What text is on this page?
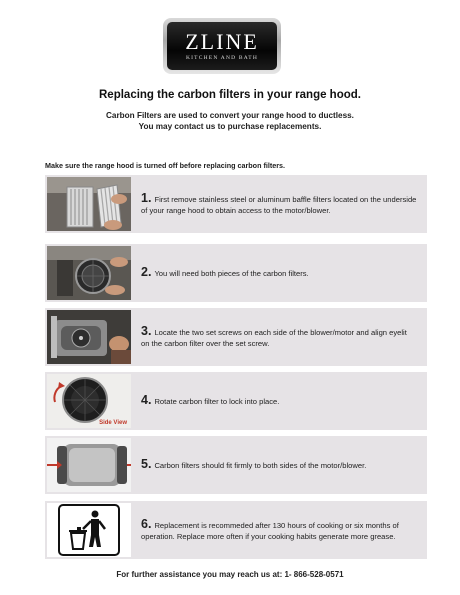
ZLINE
KITCHEN AND BATH
Replacing the carbon filters in your range hood.
Carbon Filters are used to convert your range hood to ductless.
You may contact us to purchase replacements.
Make sure the range hood is turned off before replacing carbon filters.
1. First remove stainless steel or aluminum baffle filters located on the underside of your range hood to obtain access to the motor/blower.
2. You will need both pieces of the carbon filters.
3. Locate the two set screws on each side of the blower/motor and align eyelit on the carbon filter over the set screw.
Side View
4. Rotate carbon filter to lock into place.
5. Carbon filters should fit firmly to both sides of the motor/blower.
6. Replacement is recommeded after 130 hours of cooking or six months of operation. Replace more often if your cooking habits generate more grease.
For further assistance you may reach us at: 1- 866-528-0571
